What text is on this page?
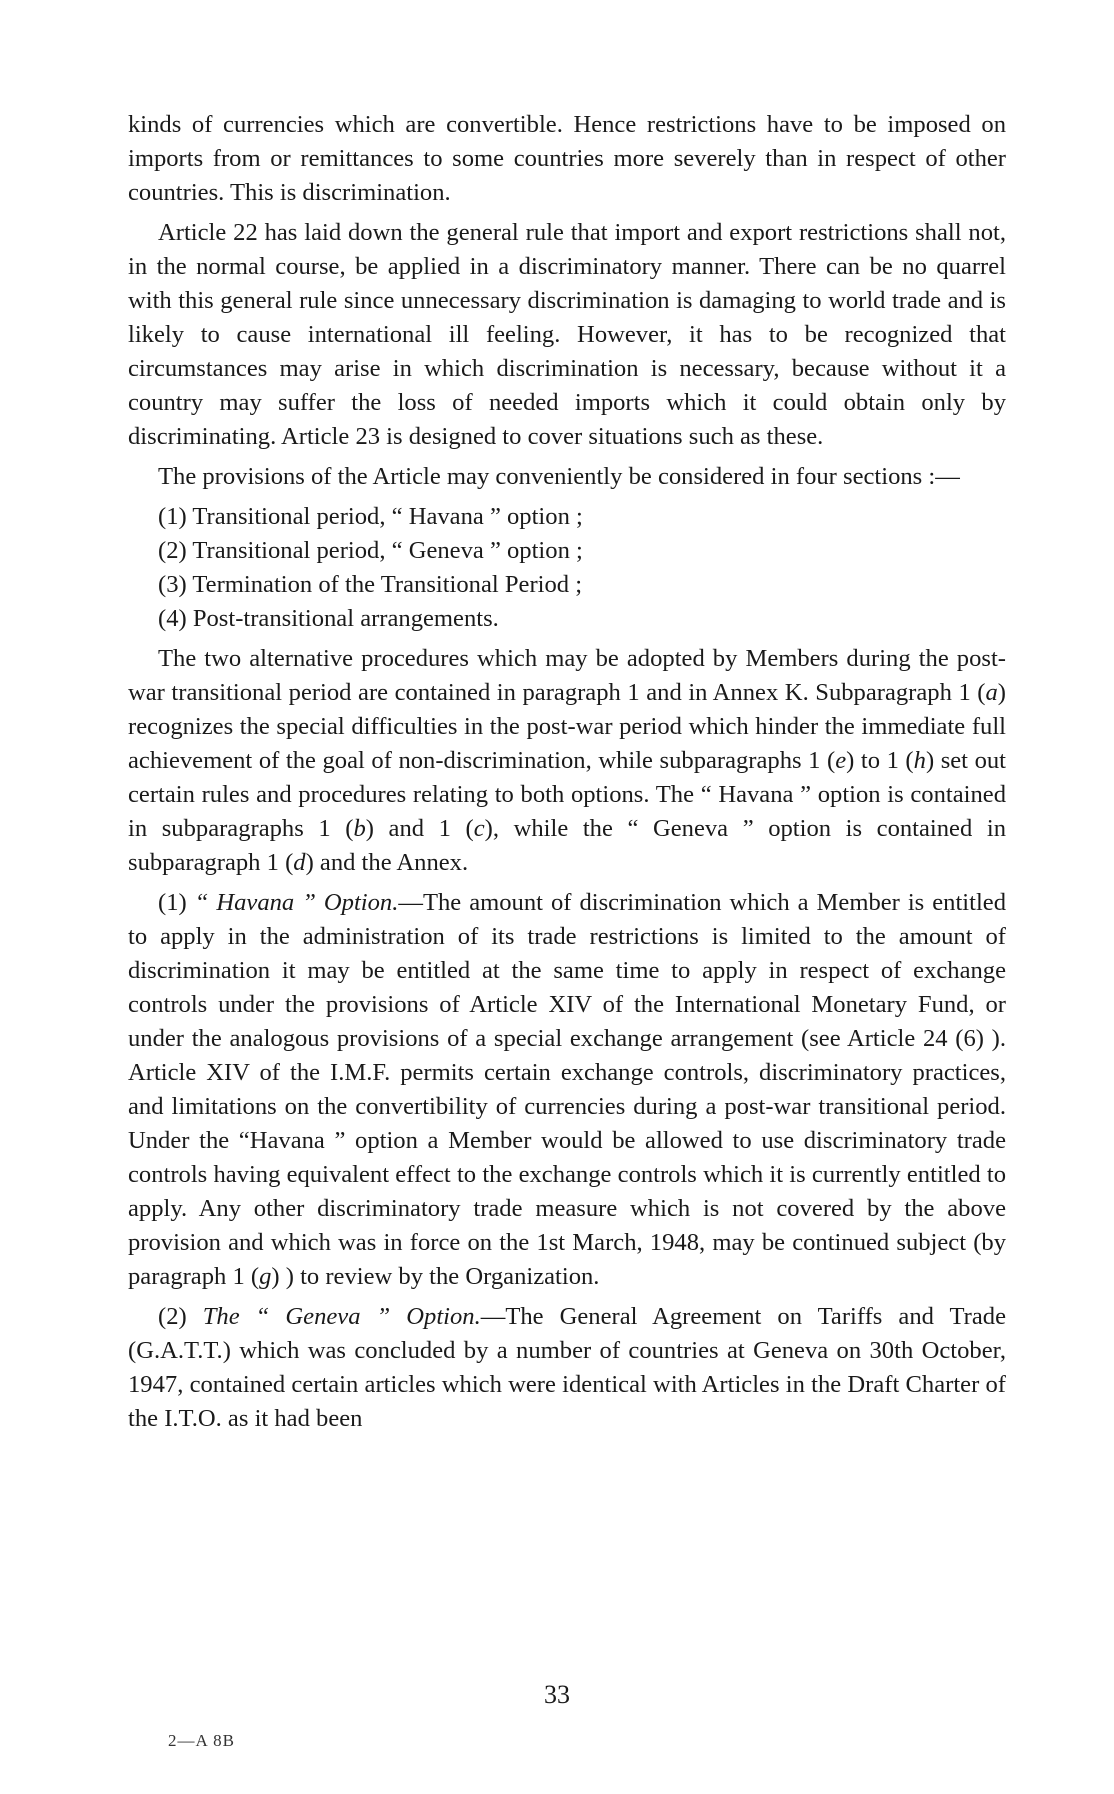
kinds of currencies which are convertible. Hence restrictions have to be imposed on imports from or remittances to some countries more severely than in respect of other countries. This is discrimination.

Article 22 has laid down the general rule that import and export restrictions shall not, in the normal course, be applied in a discriminatory manner. There can be no quarrel with this general rule since unnecessary discrimination is damaging to world trade and is likely to cause international ill feeling. However, it has to be recognized that circumstances may arise in which discrimination is necessary, because without it a country may suffer the loss of needed imports which it could obtain only by discriminating. Article 23 is designed to cover situations such as these.

The provisions of the Article may conveniently be considered in four sections :—

(1) Transitional period, “ Havana ” option ;
(2) Transitional period, “ Geneva ” option ;
(3) Termination of the Transitional Period ;
(4) Post-transitional arrangements.

The two alternative procedures which may be adopted by Members during the post-war transitional period are contained in paragraph 1 and in Annex K. Subparagraph 1 (a) recognizes the special difficulties in the post-war period which hinder the immediate full achievement of the goal of non-discrimination, while subparagraphs 1 (e) to 1 (h) set out certain rules and procedures relating to both options. The “ Havana ” option is contained in subparagraphs 1 (b) and 1 (c), while the “ Geneva ” option is contained in subparagraph 1 (d) and the Annex.

(1) “ Havana ” Option.—The amount of discrimination which a Member is entitled to apply in the administration of its trade restrictions is limited to the amount of discrimination it may be entitled at the same time to apply in respect of exchange controls under the provisions of Article XIV of the International Monetary Fund, or under the analogous provisions of a special exchange arrangement (see Article 24 (6) ). Article XIV of the I.M.F. permits certain exchange controls, discriminatory practices, and limitations on the convertibility of currencies during a post-war transitional period. Under the “Havana ” option a Member would be allowed to use discriminatory trade controls having equivalent effect to the exchange controls which it is currently entitled to apply. Any other discriminatory trade measure which is not covered by the above provision and which was in force on the 1st March, 1948, may be continued subject (by paragraph 1 (g) ) to review by the Organization.

(2) The “ Geneva ” Option.—The General Agreement on Tariffs and Trade (G.A.T.T.) which was concluded by a number of countries at Geneva on 30th October, 1947, contained certain articles which were identical with Articles in the Draft Charter of the I.T.O. as it had been

33
2—A 8B
